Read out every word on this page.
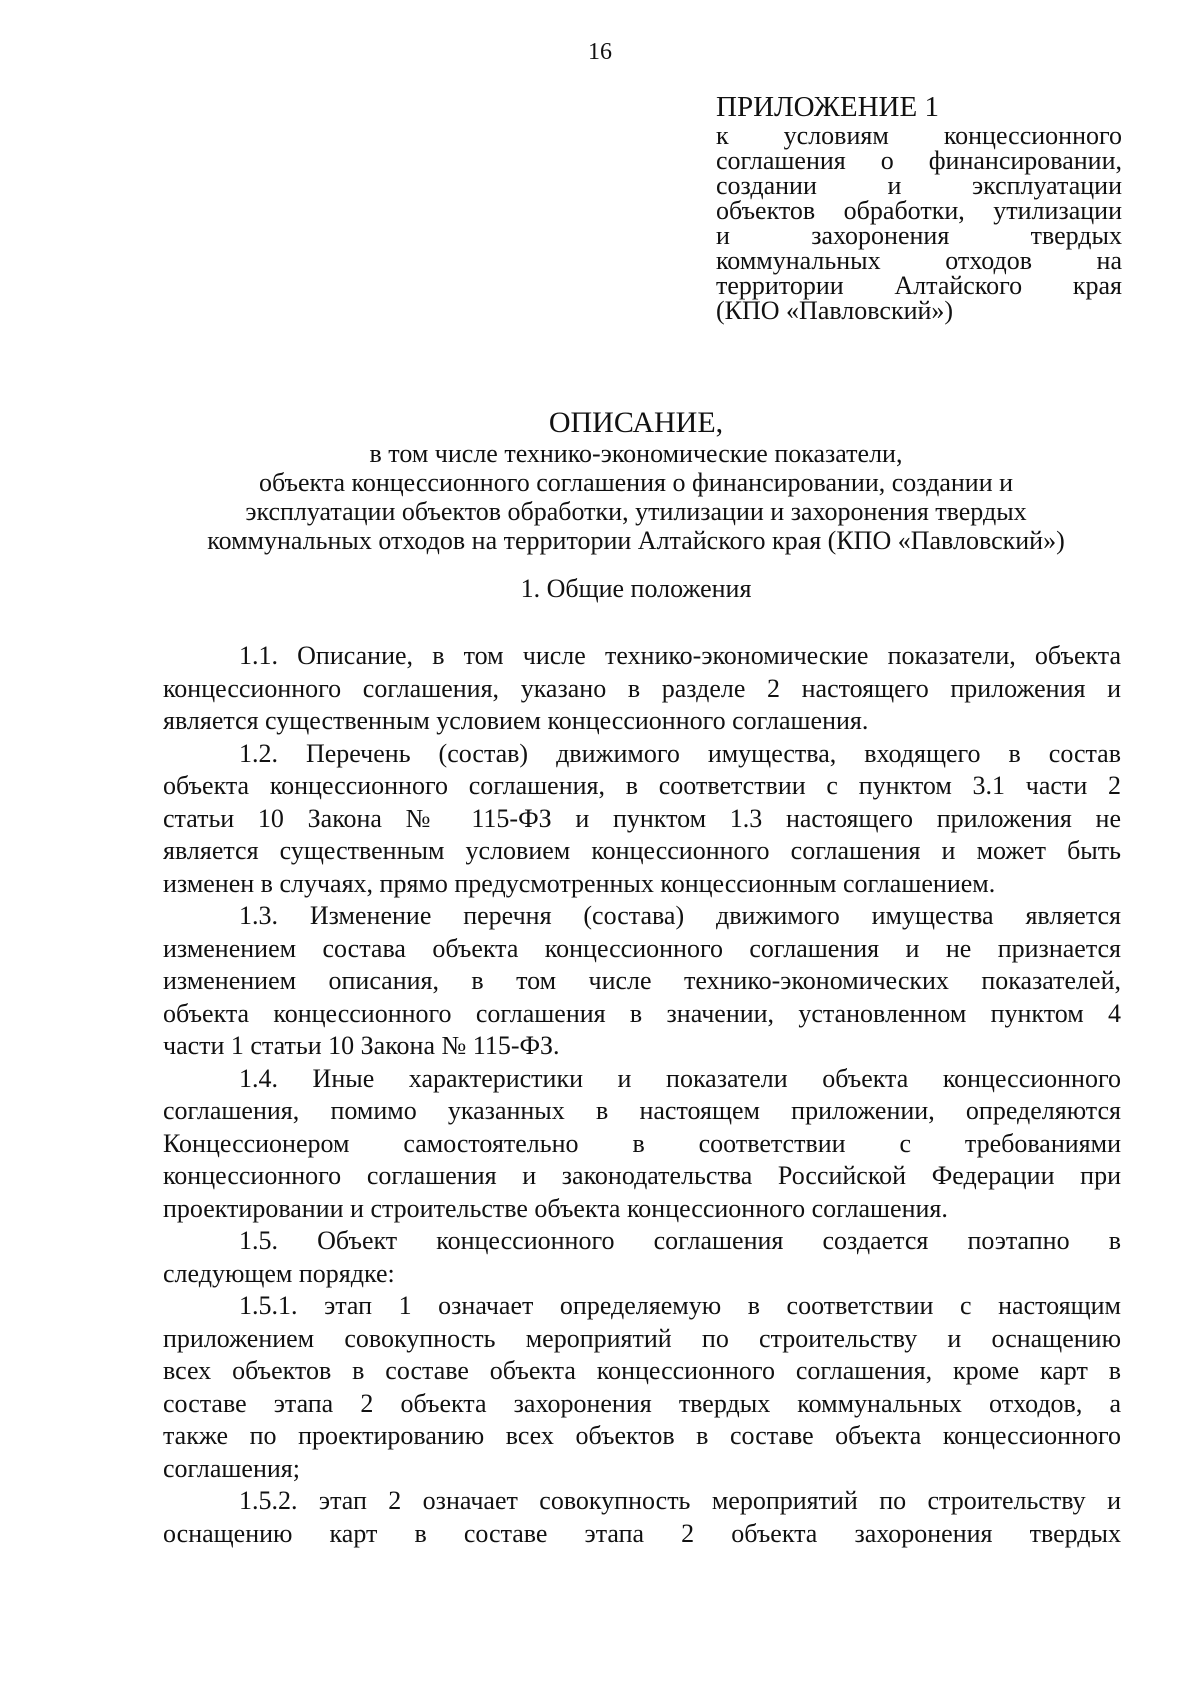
16
ПРИЛОЖЕНИЕ 1
к условиям концессионного
соглашения о финансировании,
создании и эксплуатации
объектов обработки, утилизации
и захоронения твердых
коммунальных отходов на
территории Алтайского края
(КПО «Павловский»)
ОПИСАНИЕ,
в том числе технико-экономические показатели,
объекта концессионного соглашения о финансировании, создании и
эксплуатации объектов обработки, утилизации и захоронения твердых
коммунальных отходов на территории Алтайского края (КПО «Павловский»)
1. Общие положения
1.1. Описание, в том числе технико-экономические показатели, объекта
концессионного соглашения, указано в разделе 2 настоящего приложения и
является существенным условием концессионного соглашения.
1.2. Перечень (состав) движимого имущества, входящего в состав
объекта концессионного соглашения, в соответствии с пунктом 3.1 части 2
статьи 10 Закона № 115-ФЗ и пунктом 1.3 настоящего приложения не
является существенным условием концессионного соглашения и может быть
изменен в случаях, прямо предусмотренных концессионным соглашением.
1.3. Изменение перечня (состава) движимого имущества является
изменением состава объекта концессионного соглашения и не признается
изменением описания, в том числе технико-экономических показателей,
объекта концессионного соглашения в значении, установленном пунктом 4
части 1 статьи 10 Закона № 115-ФЗ.
1.4. Иные характеристики и показатели объекта концессионного
соглашения, помимо указанных в настоящем приложении, определяются
Концессионером самостоятельно в соответствии с требованиями
концессионного соглашения и законодательства Российской Федерации при
проектировании и строительстве объекта концессионного соглашения.
1.5. Объект концессионного соглашения создается поэтапно в
следующем порядке:
1.5.1. этап 1 означает определяемую в соответствии с настоящим
приложением совокупность мероприятий по строительству и оснащению
всех объектов в составе объекта концессионного соглашения, кроме карт в
составе этапа 2 объекта захоронения твердых коммунальных отходов, а
также по проектированию всех объектов в составе объекта концессионного
соглашения;
1.5.2. этап 2 означает совокупность мероприятий по строительству и
оснащению карт в составе этапа 2 объекта захоронения твердых
